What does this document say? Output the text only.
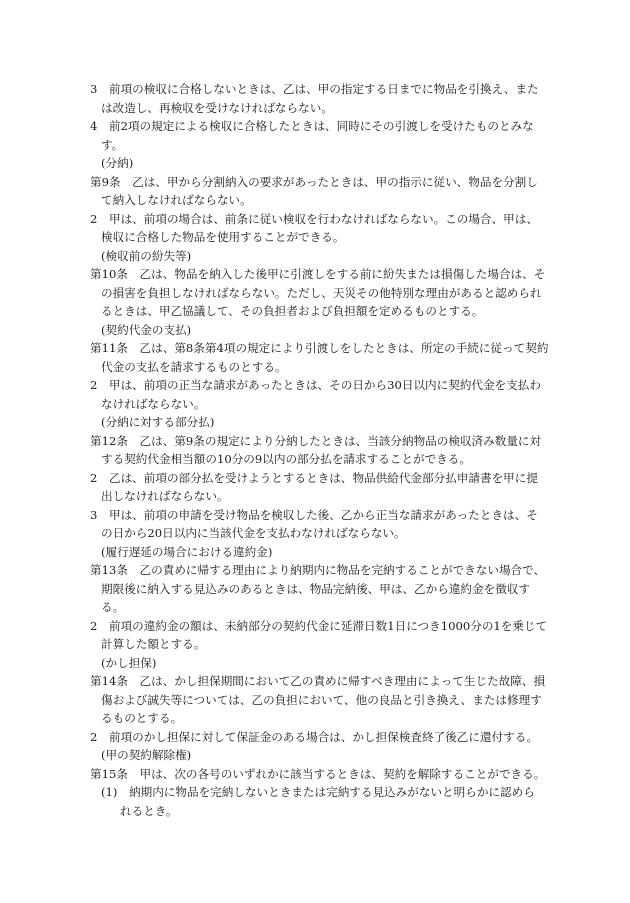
3　前項の検収に合格しないときは、乙は、甲の指定する日までに物品を引換え、また
は改造し、再検収を受けなければならない。
4　前2項の規定による検収に合格したときは、同時にその引渡しを受けたものとみな
す。
(分納)
第9条　乙は、甲から分割納入の要求があったときは、甲の指示に従い、物品を分割し
て納入しなければならない。
2　甲は、前項の場合は、前条に従い検収を行わなければならない。この場合、甲は、
検収に合格した物品を使用することができる。
(検収前の紛失等)
第10条　乙は、物品を納入した後甲に引渡しをする前に紛失または損傷した場合は、そ
の損害を負担しなければならない。ただし、天災その他特別な理由があると認められ
るときは、甲乙協議して、その負担者および負担額を定めるものとする。
(契約代金の支払)
第11条　乙は、第8条第4項の規定により引渡しをしたときは、所定の手続に従って契約
代金の支払を請求するものとする。
2　甲は、前項の正当な請求があったときは、その日から30日以内に契約代金を支払わ
なければならない。
(分納に対する部分払)
第12条　乙は、第9条の規定により分納したときは、当該分納物品の検収済み数量に対
する契約代金相当額の10分の9以内の部分払を請求することができる。
2　乙は、前項の部分払を受けようとするときは、物品供給代金部分払申請書を甲に提
出しなければならない。
3　甲は、前項の申請を受け物品を検収した後、乙から正当な請求があったときは、そ
の日から20日以内に当該代金を支払わなければならない。
(履行遅延の場合における違約金)
第13条　乙の責めに帰する理由により納期内に物品を完納することができない場合で、
期限後に納入する見込みのあるときは、物品完納後、甲は、乙から違約金を徴収す
る。
2　前項の違約金の額は、未納部分の契約代金に延滞日数1日につき1000分の1を乗じて
計算した額とする。
(かし担保)
第14条　乙は、かし担保期間において乙の責めに帰すべき理由によって生じた故障、損
傷および誠失等については、乙の負担において、他の良品と引き換え、または修理す
るものとする。
2　前項のかし担保に対して保証金のある場合は、かし担保検査終了後乙に還付する。
(甲の契約解除権)
第15条　甲は、次の各号のいずれかに該当するときは、契約を解除することができる。
(1)　納期内に物品を完納しないときまたは完納する見込みがないと明らかに認めら
れるとき。
